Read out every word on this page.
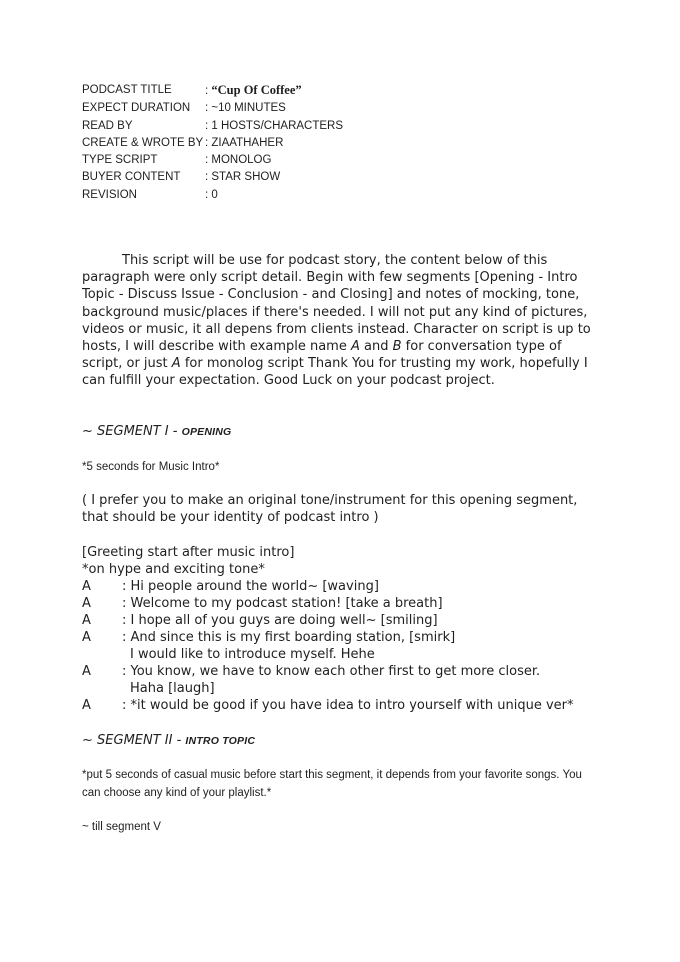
PODCAST TITLE	: “Cup Of Coffee”
EXPECT DURATION	: ~10 MINUTES
READ BY	: 1 HOSTS/CHARACTERS
CREATE & WROTE BY : ZIAATHAHER
TYPE SCRIPT	: MONOLOG
BUYER CONTENT	: STAR SHOW
REVISION	: 0
This script will be use for podcast story, the content below of this paragraph were only script detail. Begin with few segments [Opening - Intro Topic - Discuss Issue - Conclusion - and Closing] and notes of mocking, tone, background music/places if there's needed. I will not put any kind of pictures, videos or music, it all depens from clients instead. Character on script is up to hosts, I will describe with example name A and B for conversation type of script, or just A for monolog script Thank You for trusting my work, hopefully I can fulfill your expectation. Good Luck on your podcast project.
~ SEGMENT I - OPENING
*5 seconds for Music Intro*
( I prefer you to make an original tone/instrument for this opening segment, that should be your identity of podcast intro )
[Greeting start after music intro]
*on hype and exciting tone*
A : Hi people around the world~ [waving]
A : Welcome to my podcast station! [take a breath]
A : I hope all of you guys are doing well~ [smiling]
A : And since this is my first boarding station, [smirk]
I would like to introduce myself. Hehe
A : You know, we have to know each other first to get more closer.
Haha [laugh]
A : *it would be good if you have idea to intro yourself with unique ver*
~ SEGMENT II - INTRO TOPIC
*put 5 seconds of casual music before start this segment, it depends from your favorite songs. You can choose any kind of your playlist.*
~ till segment V
